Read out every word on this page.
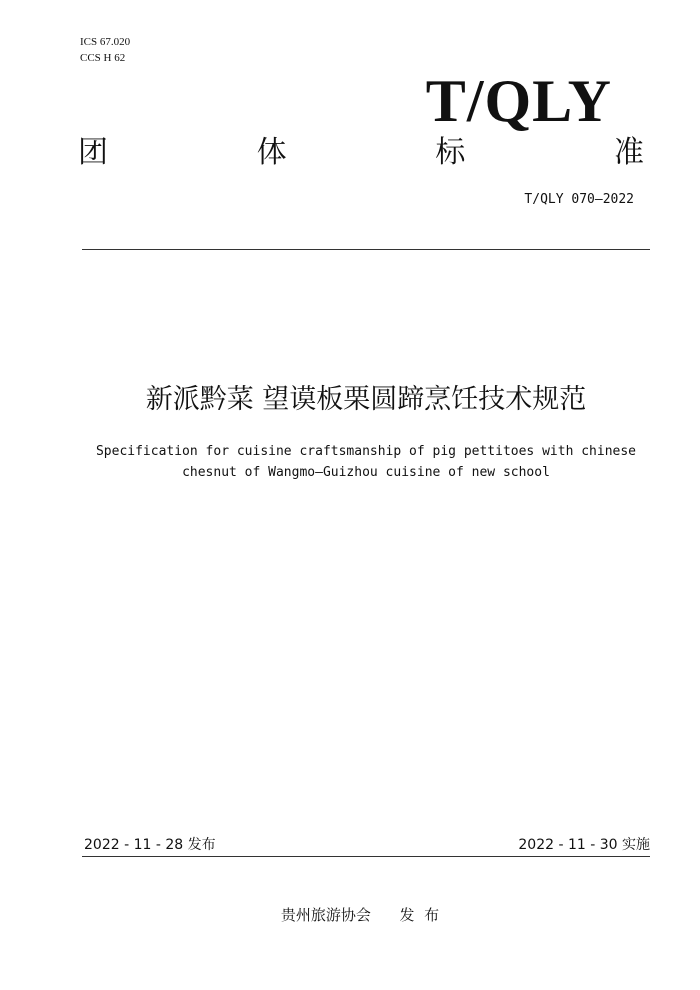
ICS 67.020
CCS H 62
T/QLY
团	体	标	准
T/QLY 070—2022
新派黔菜 望谟板栗圆蹄烹饪技术规范
Specification for cuisine craftsmanship of pig pettitoes with chinese
chesnut of Wangmo—Guizhou cuisine of new school
2022 - 11 - 28 发布	2022 - 11 - 30 实施
贵州旅游协会      发  布
